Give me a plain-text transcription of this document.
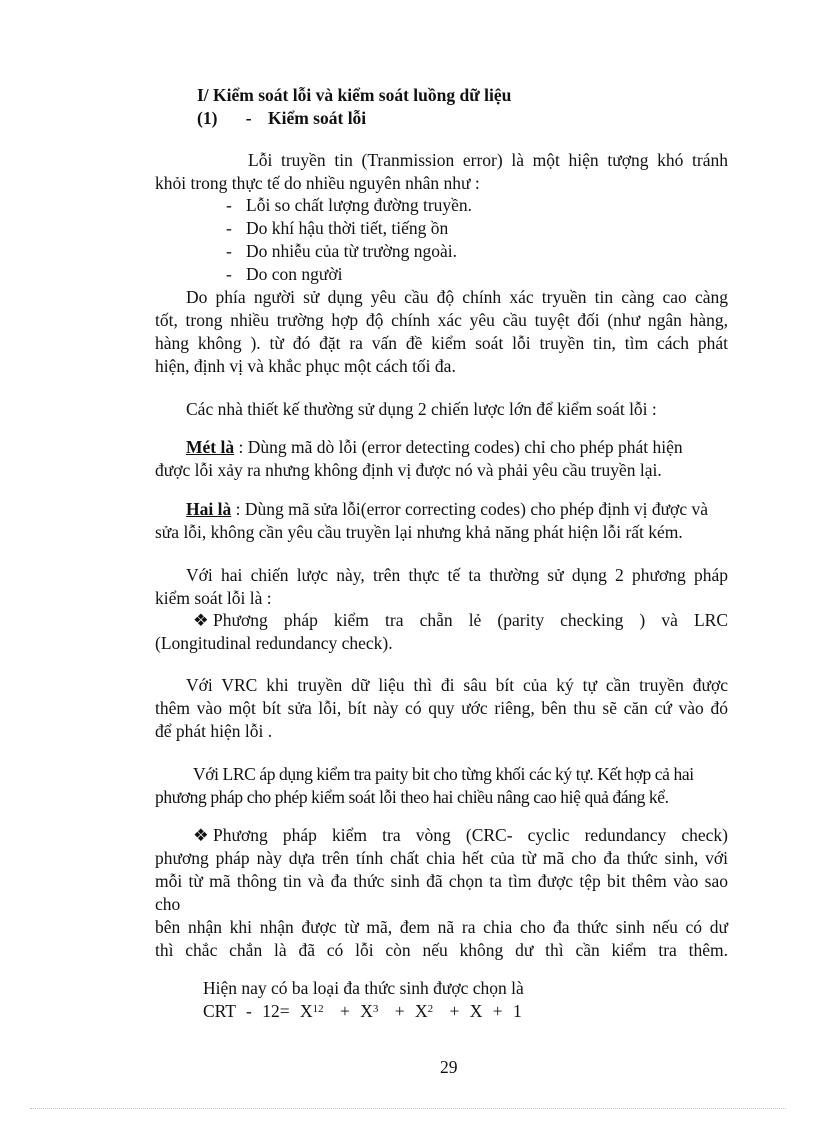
I/ Kiểm soát lỗi và kiểm soát luồng dữ liệu
(1) - Kiểm soát lỗi
Lỗi truyền tin (Tranmission error) là một hiện tượng khó tránh
khỏi trong thực tế do nhiều nguyên nhân như :
- Lỗi so chất lượng đường truyền.
- Do khí hậu thời tiết, tiếng ồn
- Do nhiễu của từ trường ngoài.
- Do con người
Do phía người sử dụng yêu cầu độ chính xác tryuền tin càng cao càng
tốt, trong nhiều trường hợp độ chính xác yêu cầu tuyệt đối (như ngân hàng,
hàng không ). từ đó đặt ra vấn đề kiểm soát lỗi truyền tin, tìm cách phát
hiện, định vị và khắc phục một cách tối đa.
Các nhà thiết kế thường sử dụng 2 chiến lược lớn để kiểm soát lỗi :
Mét là : Dùng mã dò lỗi (error detecting codes) chỉ cho phép phát hiện
được lỗi xảy ra nhưng không định vị được nó và phải yêu cầu truyền lại.
Hai là : Dùng mã sửa lỗi(error correcting codes) cho phép định vị được và
sửa lỗi, không cần yêu cầu truyền lại nhưng khả năng phát hiện lỗi rất kém.
Với hai chiến lược này, trên thực tế ta thường sử dụng 2 phương pháp
kiểm soát lỗi là :
❖ Phương pháp kiểm tra chẵn lẻ (parity checking ) và LRC
(Longitudinal redundancy check).
Với VRC khi truyền dữ liệu thì đi sâu bít của ký tự cần truyền được
thêm vào một bít sửa lỗi, bít này có quy ước riêng, bên thu sẽ căn cứ vào đó
để phát hiện lỗi .
Với LRC áp dụng kiểm tra paity bit cho từng khối các ký tự. Kết hợp cả hai
phương pháp cho phép kiểm soát lỗi theo hai chiều nâng cao hiệ quả đáng kể.
❖ Phương pháp kiểm tra vòng (CRC- cyclic redundancy check)
phương pháp này dựa trên tính chất chia hết của từ mã cho đa thức sinh, với
mỗi từ mã thông tin và đa thức sinh đã chọn ta tìm được tệp bit thêm vào sao
cho
bên nhận khi nhận được từ mã, đem nã ra chia cho đa thức sinh nếu có dư
thì chắc chắn là đã có lỗi còn nếu không dư thì cần kiểm tra thêm.
Hiện nay có ba loại đa thức sinh được chọn là
CRT - $12= X^{12} + X^3 + X^2 + X + 1$
29
